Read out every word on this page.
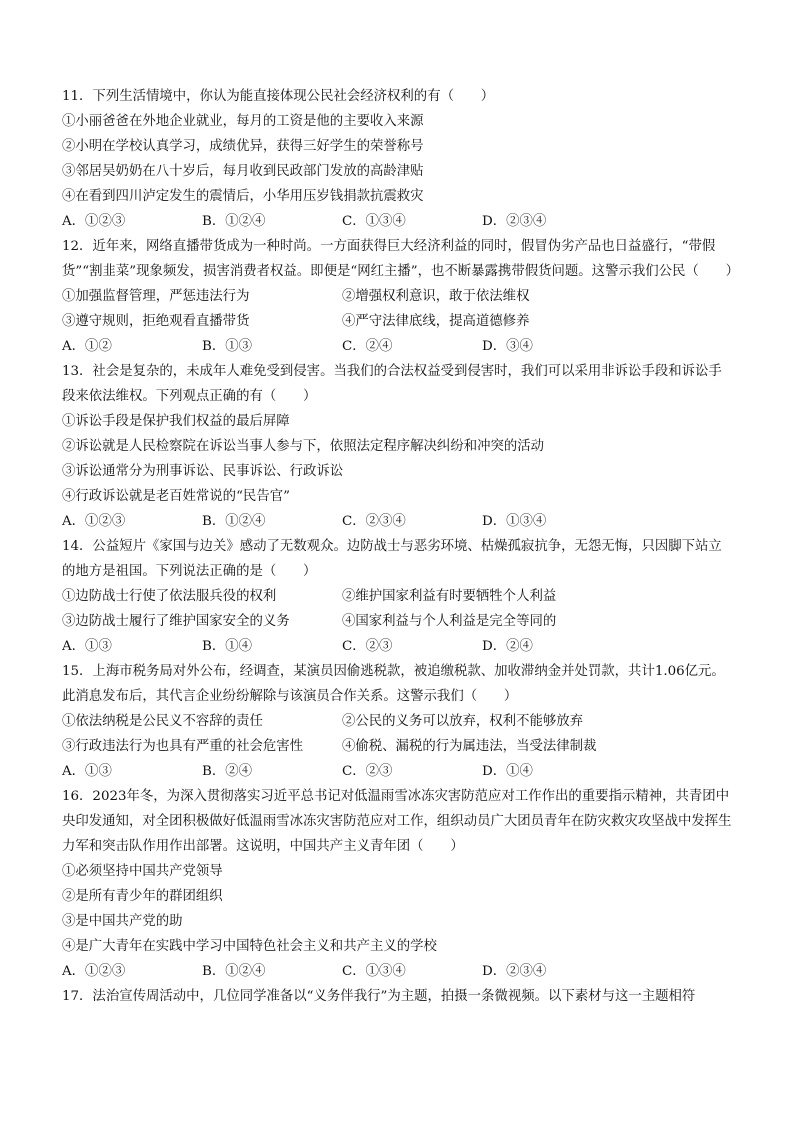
11．下列生活情境中，你认为能直接体现公民社会经济权利的有（　　）
①小丽爸爸在外地企业就业，每月的工资是他的主要收入来源
②小明在学校认真学习，成绩优异，获得三好学生的荣誉称号
③邻居吴奶奶在八十岁后，每月收到民政部门发放的高龄津贴
④在看到四川泸定发生的震情后，小华用压岁钱捐款抗震救灾
A．①②③	B．①②④	C．①③④	D．②③④
12．近年来，网络直播带货成为一种时尚。一方面获得巨大经济利益的同时，假冒伪劣产品也日益盛行，“带假货”“割韭菜”现象频发，损害消费者权益。即便是“网红主播”，也不断暴露携带假货问题。这警示我们公民（　　）
①加强监督管理，严惩违法行为	②增强权利意识，敢于依法维权
③遵守规则，拒绝观看直播带货	④严守法律底线，提高道德修养
A．①②	B．①③	C．②④	D．③④
13．社会是复杂的，未成年人难免受到侵害。当我们的合法权益受到侵害时，我们可以采用非诉讼手段和诉讼手段来依法维权。下列观点正确的有（　　）
①诉讼手段是保护我们权益的最后屏障
②诉讼就是人民检察院在诉讼当事人参与下，依照法定程序解决纠纷和冲突的活动
③诉讼通常分为刑事诉讼、民事诉讼、行政诉讼
④行政诉讼就是老百姓常说的“民告官”
A．①②③	B．①②④	C．②③④	D．①③④
14．公益短片《家国与边关》感动了无数观众。边防战士与恶劣环境、枯燥孤寂抗争，无怨无悔，只因脚下站立的地方是祖国。下列说法正确的是（　　）
①边防战士行使了依法服兵役的权利	②维护国家利益有时要牺牲个人利益
③边防战士履行了维护国家安全的义务	④国家利益与个人利益是完全等同的
A．①③	B．①④	C．②③	D．②④
15．上海市税务局对外公布，经调查，某演员因偷逃税款，被追缴税款、加收滞纳金并处罚款，共计1.06亿元。此消息发布后，其代言企业纷纷解除与该演员合作关系。这警示我们（　　）
①依法纳税是公民义不容辞的责任	②公民的义务可以放弃，权利不能够放弃
③行政违法行为也具有严重的社会危害性	④偷税、漏税的行为属违法，当受法律制裁
A．①③	B．②④	C．②③	D．①④
16．2023年冬，为深入贯彻落实习近平总书记对低温雨雪冰冻灾害防范应对工作作出的重要指示精神，共青团中央印发通知，对全团积极做好低温雨雪冰冻灾害防范应对工作，组织动员广大团员青年在防灾救灾攻坚战中发挥生力军和突击队作用作出部署。这说明，中国共产主义青年团（　　）
①必须坚持中国共产党领导
②是所有青少年的群团组织
③是中国共产党的助
④是广大青年在实践中学习中国特色社会主义和共产主义的学校
A．①②③	B．①②④	C．①③④	D．②③④
17．法治宣传周活动中，几位同学准备以“义务伴我行”为主题，拍摄一条微视频。以下素材与这一主题相符
